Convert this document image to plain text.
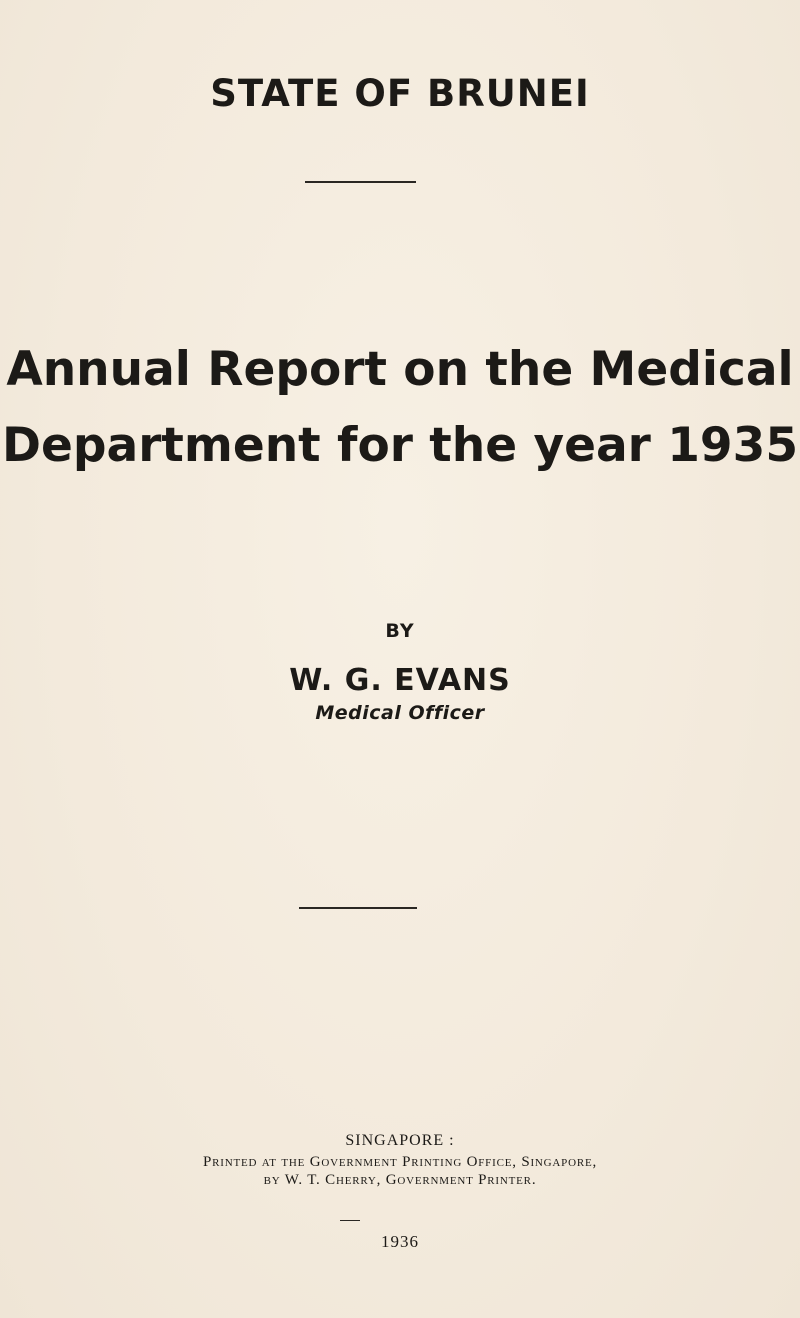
STATE OF BRUNEI
Annual Report on the Medical
Department for the year 1935
BY
W. G. EVANS
Medical Officer
SINGAPORE :
Printed at the Government Printing Office, Singapore,
by W. T. Cherry, Government Printer.
1936
